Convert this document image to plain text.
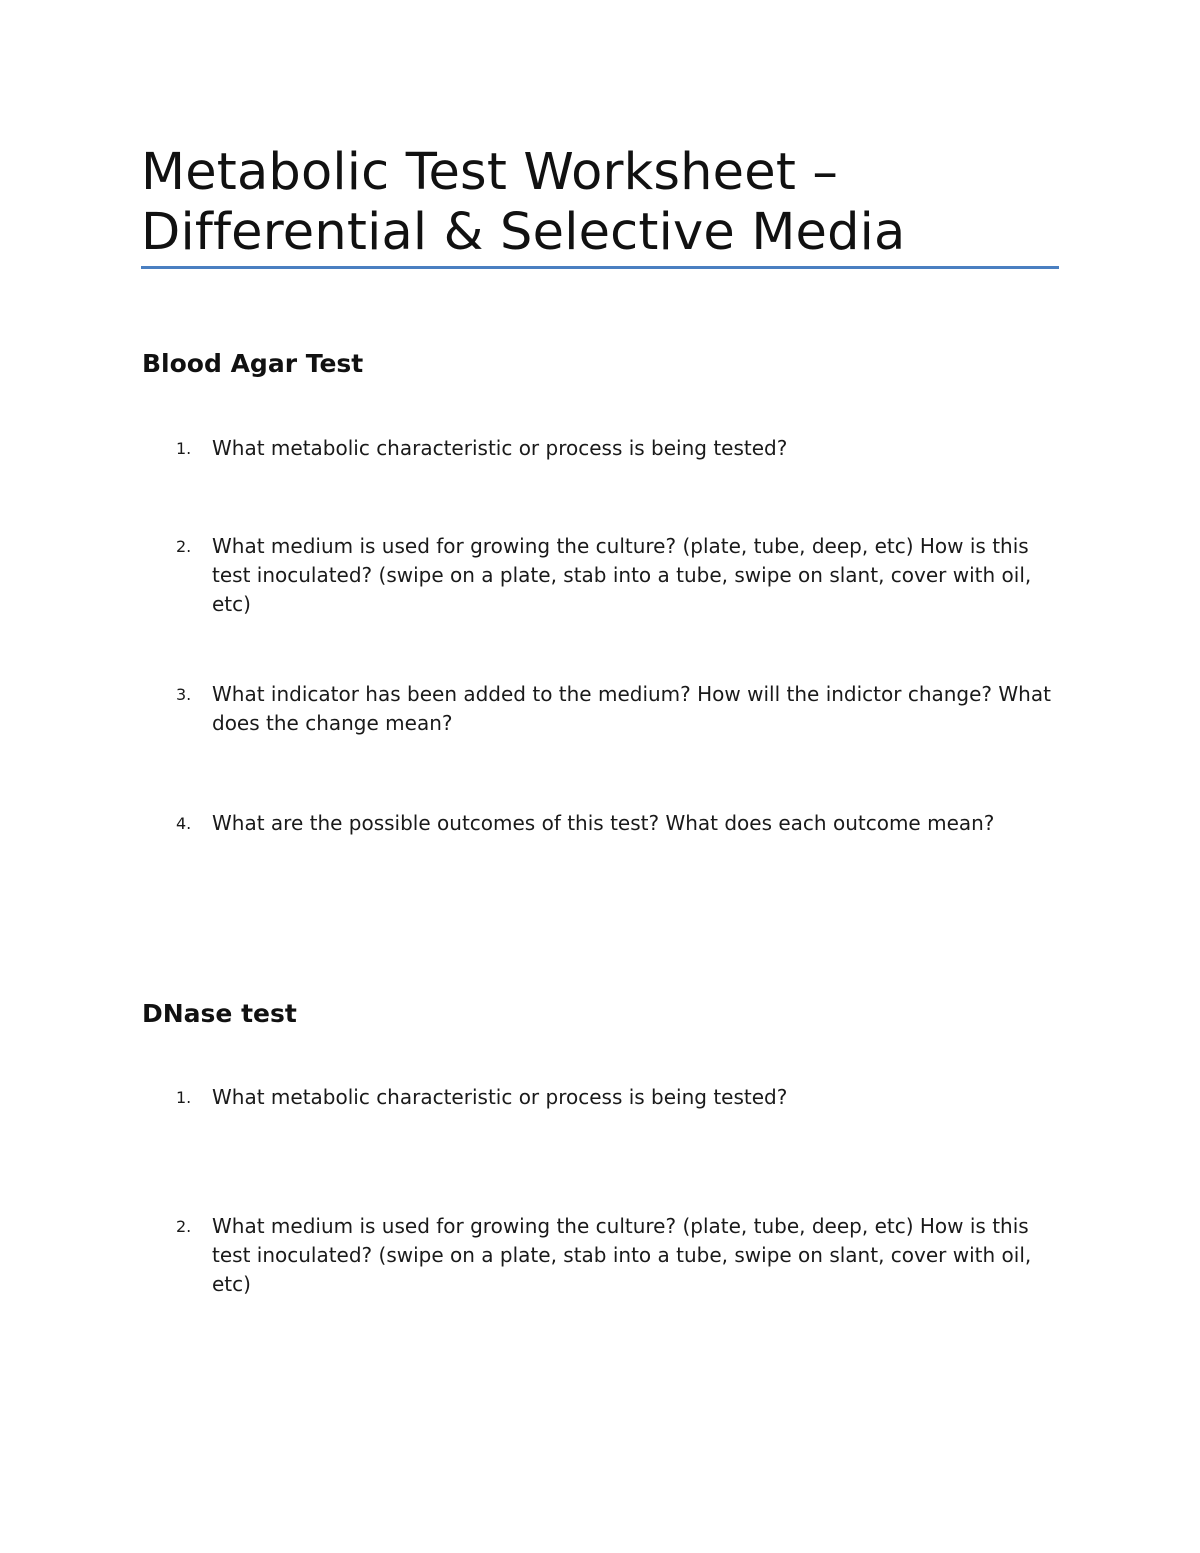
Metabolic Test Worksheet –
Differential & Selective Media
Blood Agar Test
1.	What metabolic characteristic or process is being tested?
2.	What medium is used for growing the culture? (plate, tube, deep, etc) How is this test inoculated? (swipe on a plate, stab into a tube, swipe on slant, cover with oil, etc)
3.	What indicator has been added to the medium? How will the indictor change? What does the change mean?
4.	What are the possible outcomes of this test? What does each outcome mean?
DNase test
1.	What metabolic characteristic or process is being tested?
2.	What medium is used for growing the culture? (plate, tube, deep, etc) How is this test inoculated? (swipe on a plate, stab into a tube, swipe on slant, cover with oil, etc)
